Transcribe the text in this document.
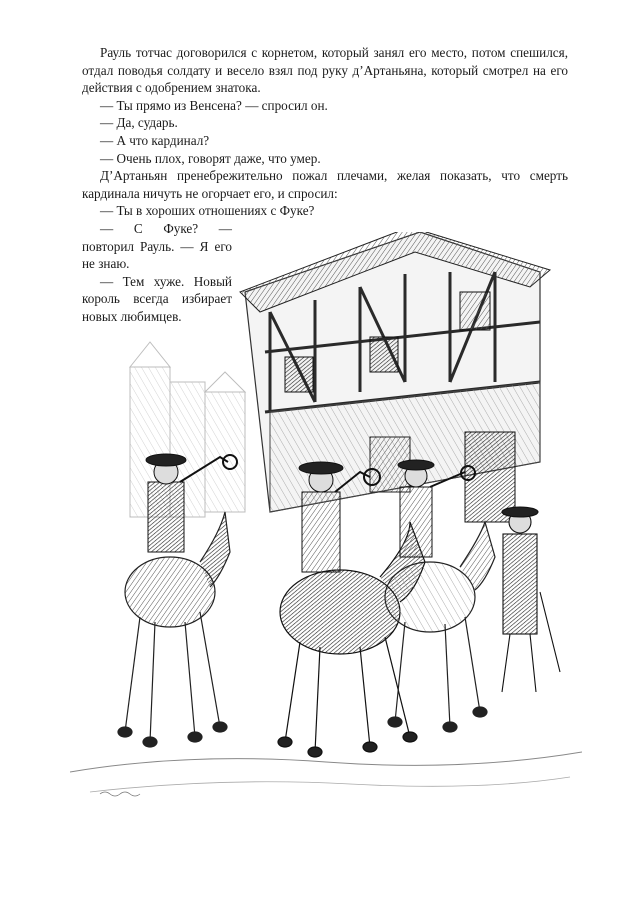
Рауль тотчас договорился с корнетом, который занял его место, потом спешился, отдал поводья солдату и весело взял под руку д’Артаньяна, который смотрел на его действия с одобрением знатока.

— Ты прямо из Венсена? — спросил он.

— Да, сударь.

— А что кардинал?

— Очень плох, говорят даже, что умер.

Д’Артаньян пренебрежительно пожал плечами, желая показать, что смерть кардинала ничуть не огорчает его, и спросил:

— Ты в хороших отношениях с Фуке?

— С Фуке? — повторил Рауль. — Я его не знаю.

— Тем хуже. Новый король всегда избирает новых любимцев.
